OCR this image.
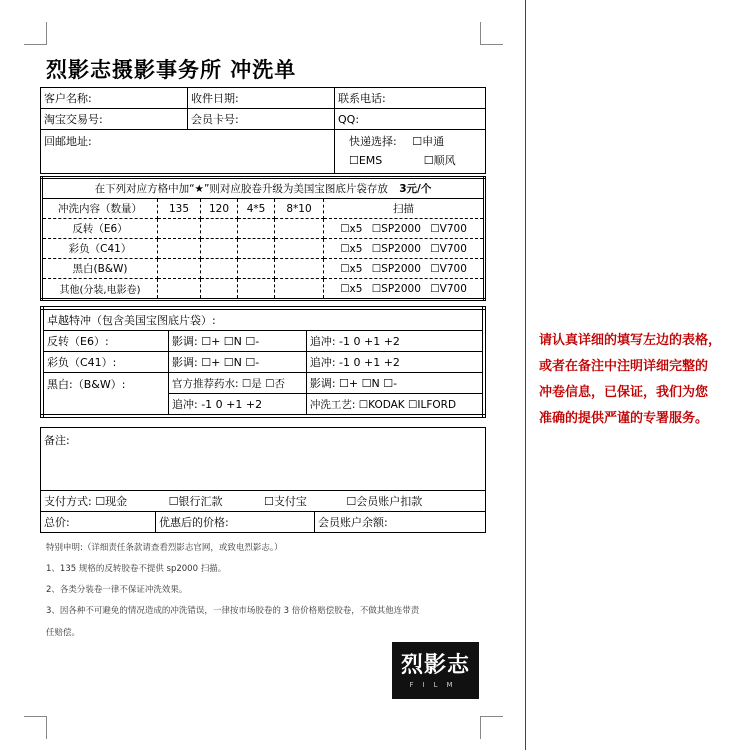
烈影志摄影事务所 冲洗单
客户名称:	收件日期:	联系电话:
淘宝交易号:	会员卡号:	QQ:
回邮地址:		快递选择: ☐申通
☐EMS ☐顺风
在下列对应方格中加“★”则对应胶卷升级为美国宝图底片袋存放 3元/个					
冲洗内容（数量）	135	120	4*5	8*10	扫描
反转（E6）					☐x5 ☐SP2000 ☐V700
彩负（C41）					☐x5 ☐SP2000 ☐V700
黑白(B&W)					☐x5 ☐SP2000 ☐V700
其他(分装,电影卷)					☐x5 ☐SP2000 ☐V700
卓越特冲（包含美国宝图底片袋）:		
反转（E6）:	影调: ☐+ ☐N ☐-	追冲: -1 0 +1 +2
彩负（C41）:	影调: ☐+ ☐N ☐-	追冲: -1 0 +1 +2
黑白:（B&W）:	官方推荐药水: ☐是 ☐否	影调: ☐+ ☐N ☐-
	追冲: -1 0 +1 +2	冲洗工艺: ☐KODAK ☐ILFORD
备注:
支付方式: ☐现金	☐银行汇款	☐支付宝	☐会员账户扣款
总价:	优惠后的价格:	会员账户余额:
特别申明:（详细责任条款请查看烈影志官网，或致电烈影志。）
1、135 规格的反转胶卷不提供 sp2000 扫描。
2、各类分装卷一律不保证冲洗效果。
3、因各种不可避免的情况造成的冲洗错误，一律按市场胶卷的 3 倍价格赔偿胶卷，不做其他连带责
任赔偿。
烈影志
FILM
请认真详细的填写左边的表格，
或者在备注中注明详细完整的
冲卷信息，已保证，我们为您
准确的提供严谨的专署服务。
